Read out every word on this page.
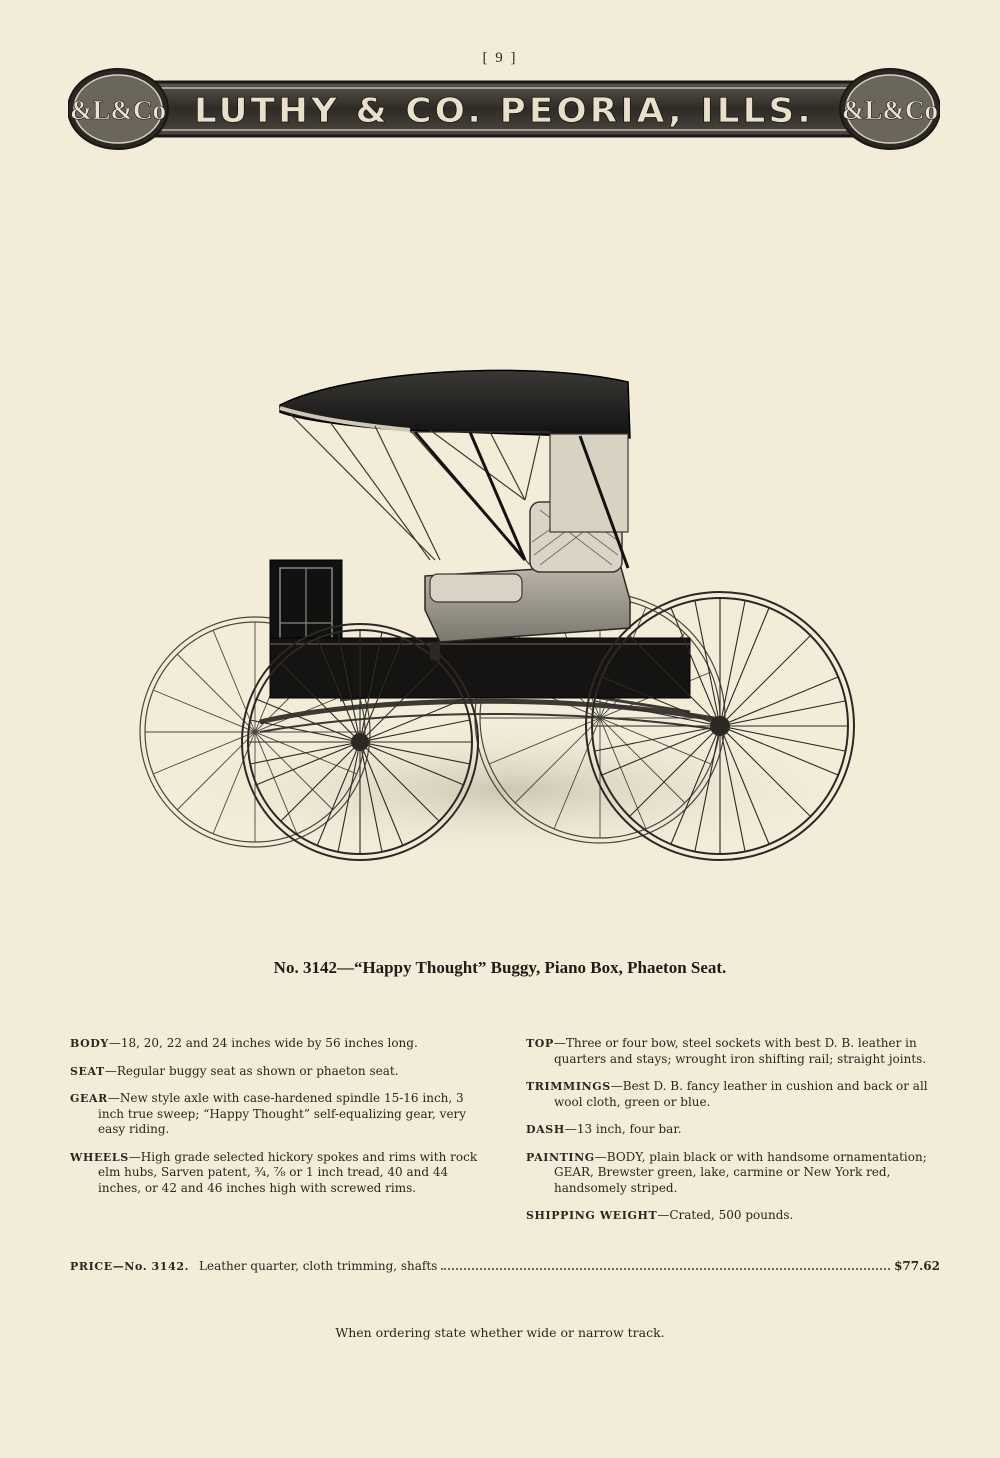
[ 9 ]
&L&Co	&L&Co
LUTHY & CO. PEORIA, ILLS.
No. 3142—“Happy Thought” Buggy, Piano Box, Phaeton Seat.

BODY—18, 20, 22 and 24 inches wide by 56 inches long.

SEAT—Regular buggy seat as shown or phaeton seat.

GEAR—New style axle with case-hardened spindle 15-16 inch, 3 inch true sweep; “Happy Thought” self-equalizing gear, very easy riding.

WHEELS—High grade selected hickory spokes and rims with rock elm hubs, Sarven patent, ¾, ⅞ or 1 inch tread, 40 and 44 inches, or 42 and 46 inches high with screwed rims.

TOP—Three or four bow, steel sockets with best D. B. leather in quarters and stays; wrought iron shifting rail; straight joints.

TRIMMINGS—Best D. B. fancy leather in cushion and back or all wool cloth, green or blue.

DASH—13 inch, four bar.

PAINTING—BODY, plain black or with handsome ornamentation; GEAR, Brewster green, lake, carmine or New York red, handsomely striped.

SHIPPING WEIGHT—Crated, 500 pounds.

PRICE—No. 3142. Leather quarter, cloth trimming, shafts	$77.62
When ordering state whether wide or narrow track.
